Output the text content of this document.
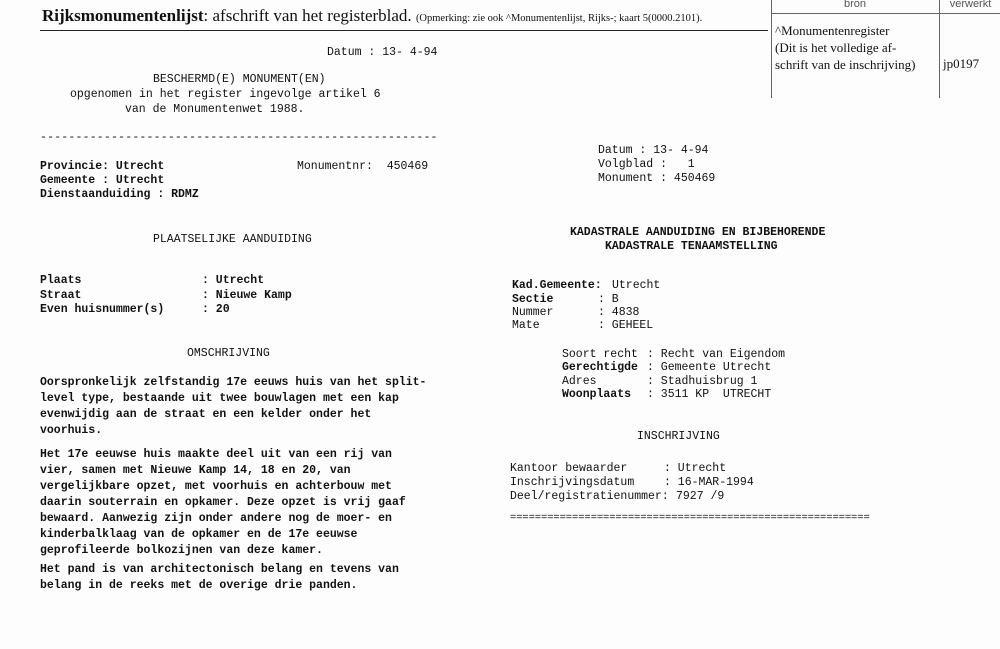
Rijksmonumentenlijst: afschrift van het registerblad. (Opmerking: zie ook ^Monumentenlijst, Rijks-; kaart 5(0000.2101).
bron	verwerkt
^Monumentenregister
(Dit is het volledige af-
schrift van de inschrijving) jp0197
Datum : 13- 4-94
BESCHERMD(E) MONUMENT(EN)
opgenomen in het register ingevolge artikel 6
van de Monumentenwet 1988.
--------------------------------------------------------
Provincie: Utrecht	Monumentnr:  450469
Gemeente : Utrecht
Dienstaanduiding : RDMZ
PLAATSELIJKE AANDUIDING
Plaats	: Utrecht
Straat	: Nieuwe Kamp
Even huisnummer(s)	: 20
OMSCHRIJVING
Oorspronkelijk zelfstandig 17e eeuws huis van het split-level type, bestaande uit twee bouwlagen met een kap evenwijdig aan de straat en een kelder onder het voorhuis.
Het 17e eeuwse huis maakte deel uit van een rij van vier, samen met Nieuwe Kamp 14, 18 en 20, van vergelijkbare opzet, met voorhuis en achterbouw met daarin souterrain en opkamer. Deze opzet is vrij gaaf bewaard. Aanwezig zijn onder andere nog de moer- en kinderbalklaag van de opkamer en de 17e eeuwse geprofileerde bolkozijnen van deze kamer.
Het pand is van architectonisch belang en tevens van belang in de reeks met de overige drie panden.
Datum : 13- 4-94
Volgblad :   1
Monument : 450469
KADASTRALE AANDUIDING EN BIJBEHORENDE
KADASTRALE TENAAMSTELLING
Kad.Gemeente: Utrecht
Sectie	: B
Nummer	: 4838
Mate	: GEHEEL
Soort recht : Recht van Eigendom
Gerechtigde : Gemeente Utrecht
Adres	: Stadhuisbrug 1
Woonplaats : 3511 KP  UTRECHT
INSCHRIJVING
Kantoor bewaarder	: Utrecht
Inschrijvingsdatum	: 16-MAR-1994
Deel/registratienummer: 7927 /9
==========================================================
